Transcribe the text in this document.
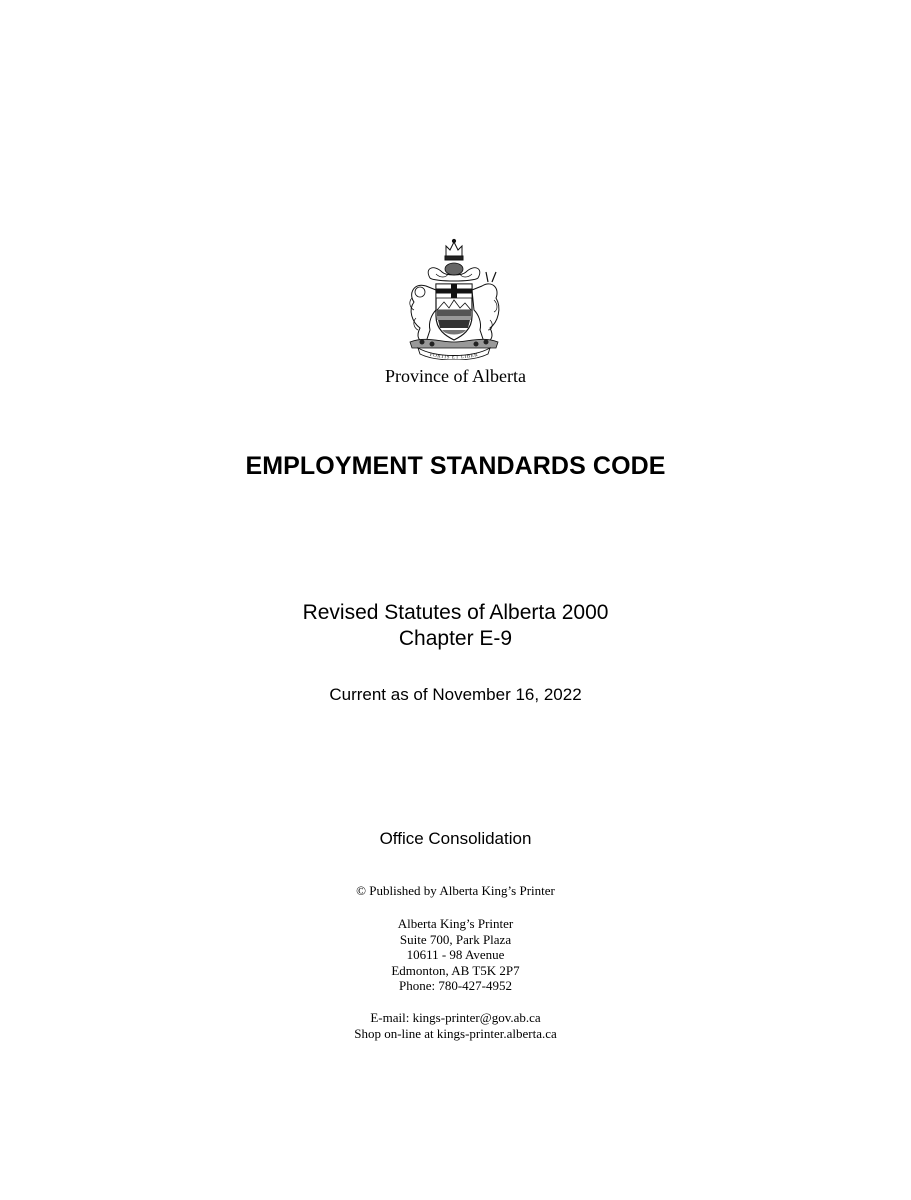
FORTIS ET LIBER
Province of Alberta
EMPLOYMENT STANDARDS CODE
Revised Statutes of Alberta 2000
Chapter E-9
Current as of November 16, 2022
Office Consolidation
© Published by Alberta King’s Printer
Alberta King’s Printer
Suite 700, Park Plaza
10611 - 98 Avenue
Edmonton, AB T5K 2P7
Phone: 780-427-4952
E-mail: kings-printer@gov.ab.ca
Shop on-line at kings-printer.alberta.ca
